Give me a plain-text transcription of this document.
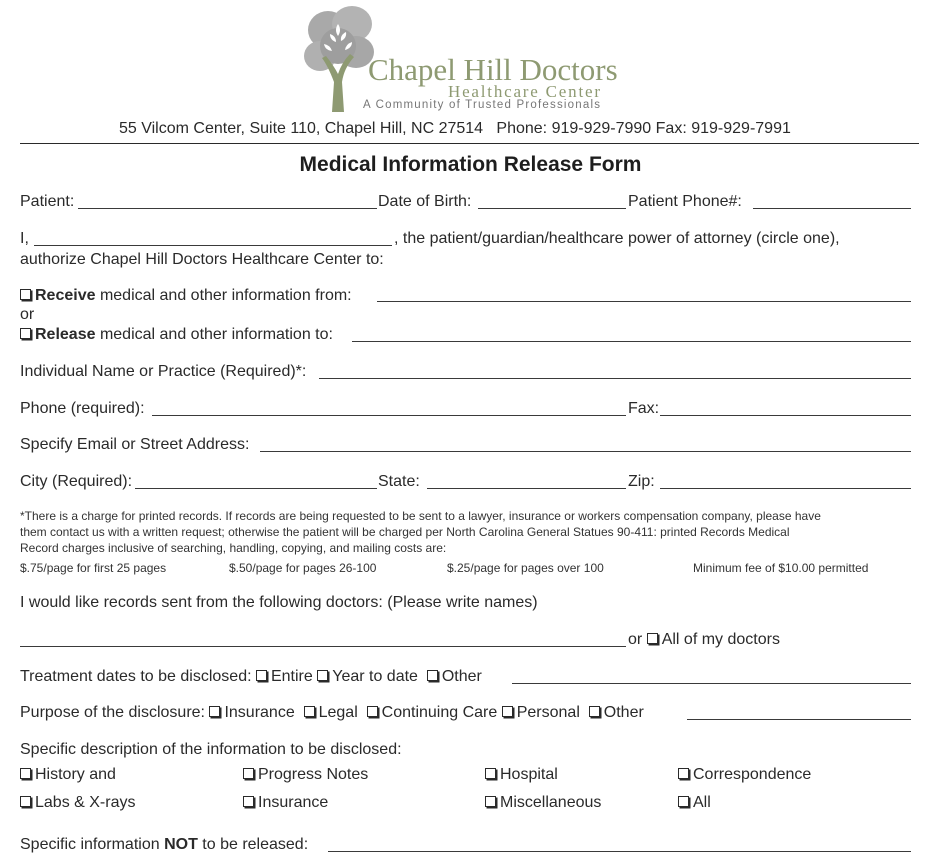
Chapel Hill Doctors
Healthcare Center
A Community of Trusted Professionals
55 Vilcom Center, Suite 110, Chapel Hill, NC 27514 Phone: 919-929-7990 Fax: 919-929-7991
Medical Information Release Form
Patient:	Date of Birth:	Patient Phone#:
I,	, the patient/guardian/healthcare power of attorney (circle one),
authorize Chapel Hill Doctors Healthcare Center to:
Receive medical and other information from:
or
Release medical and other information to:
Individual Name or Practice (Required)*:
Phone (required):	Fax:
Specify Email or Street Address:
City (Required):	State:	Zip:
*There is a charge for printed records. If records are being requested to be sent to a lawyer, insurance or workers compensation company, please have
them contact us with a written request; otherwise the patient will be charged per North Carolina General Statues 90-411: printed Records Medical
Record charges inclusive of searching, handling, copying, and mailing costs are:
$.75/page for first 25 pages	$.50/page for pages 26-100	$.25/page for pages over 100	Minimum fee of $10.00 permitted
I would like records sent from the following doctors: (Please write names)
or All of my doctors
Treatment dates to be disclosed: Entire Year to date Other
Purpose of the disclosure: Insurance Legal Continuing Care Personal Other
Specific description of the information to be disclosed:
History and	Progress Notes	Hospital	Correspondence
Labs & X-rays	Insurance	Miscellaneous	All
Specific information NOT to be released:
